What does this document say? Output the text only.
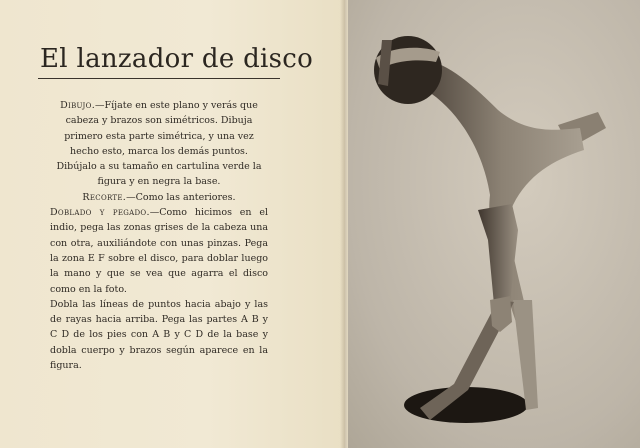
El lanzador de disco

Dibujo.—Fíjate en este plano y verás que cabeza y brazos son simétricos. Dibuja primero esta parte simétrica, y una vez hecho esto, marca los demás puntos.

Dibújalo a su tamaño en cartulina verde la figura y en negra la base.

Recorte.—Como las anteriores.

Doblado y pegado.—Como hicimos en el indio, pega las zonas grises de la cabeza una con otra, auxiliándote con unas pinzas. Pega la zona E F sobre el disco, para doblar luego la mano y que se vea que agarra el disco como en la foto.

Dobla las líneas de puntos hacia abajo y las de rayas hacia arriba. Pega las partes A B y C D de los pies con A B y C D de la base y dobla cuerpo y brazos según aparece en la figura.
